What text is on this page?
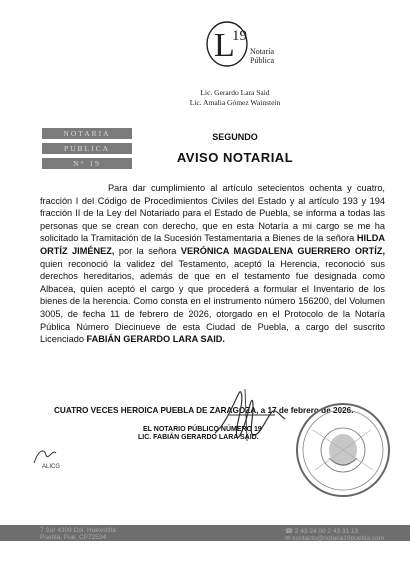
L
19
Notaría
Pública
Lic. Gerardo Lara Said
Lic. Amalia Gómez Wainstein
NOTARIA
PUBLICA
N° 19
SEGUNDO
AVISO NOTARIAL

Para dar cumplimiento al artículo setecientos ochenta y cuatro, fracción I del Código de Procedimientos Civiles del Estado y al artículo 193 y 194 fracción II de la Ley del Notariado para el Estado de Puebla, se informa a todas las personas que se crean con derecho, que en esta Notaría a mi cargo se me ha solicitado la Tramitación de la Sucesión Testamentaria a Bienes de la señora HILDA ORTÍZ JIMÉNEZ, por la señora VERÓNICA MAGDALENA GUERRERO ORTÍZ, quien reconoció la validez del Testamento, aceptó la Herencia, reconoció sus derechos hereditarios, además de que en el testamento fue designada como Albacea, quien aceptó el cargo y que procederá a formular el Inventario de los bienes de la herencia. Como consta en el instrumento número 156200, del Volumen 3005, de fecha 11 de febrero de 2026, otorgado en el Protocolo de la Notaría Pública Número Diecinueve de esta Ciudad de Puebla, a cargo del suscrito Licenciado FABIÁN GERARDO LARA SAID.

CUATRO VECES HEROICA PUEBLA DE ZARAGOZA, a 17 de febrero de 2026.
EL NOTARIO PÚBLICO NÚMERO 19
LIC. FABIÁN GERARDO LARA SAID.
ALICG
7 Sur 4309 Col. Huexotitla
Puebla, Pue. CP72534
☎ 2 43 24 00 2 43 31 13
✉ contacto@notaria19puebla.com
